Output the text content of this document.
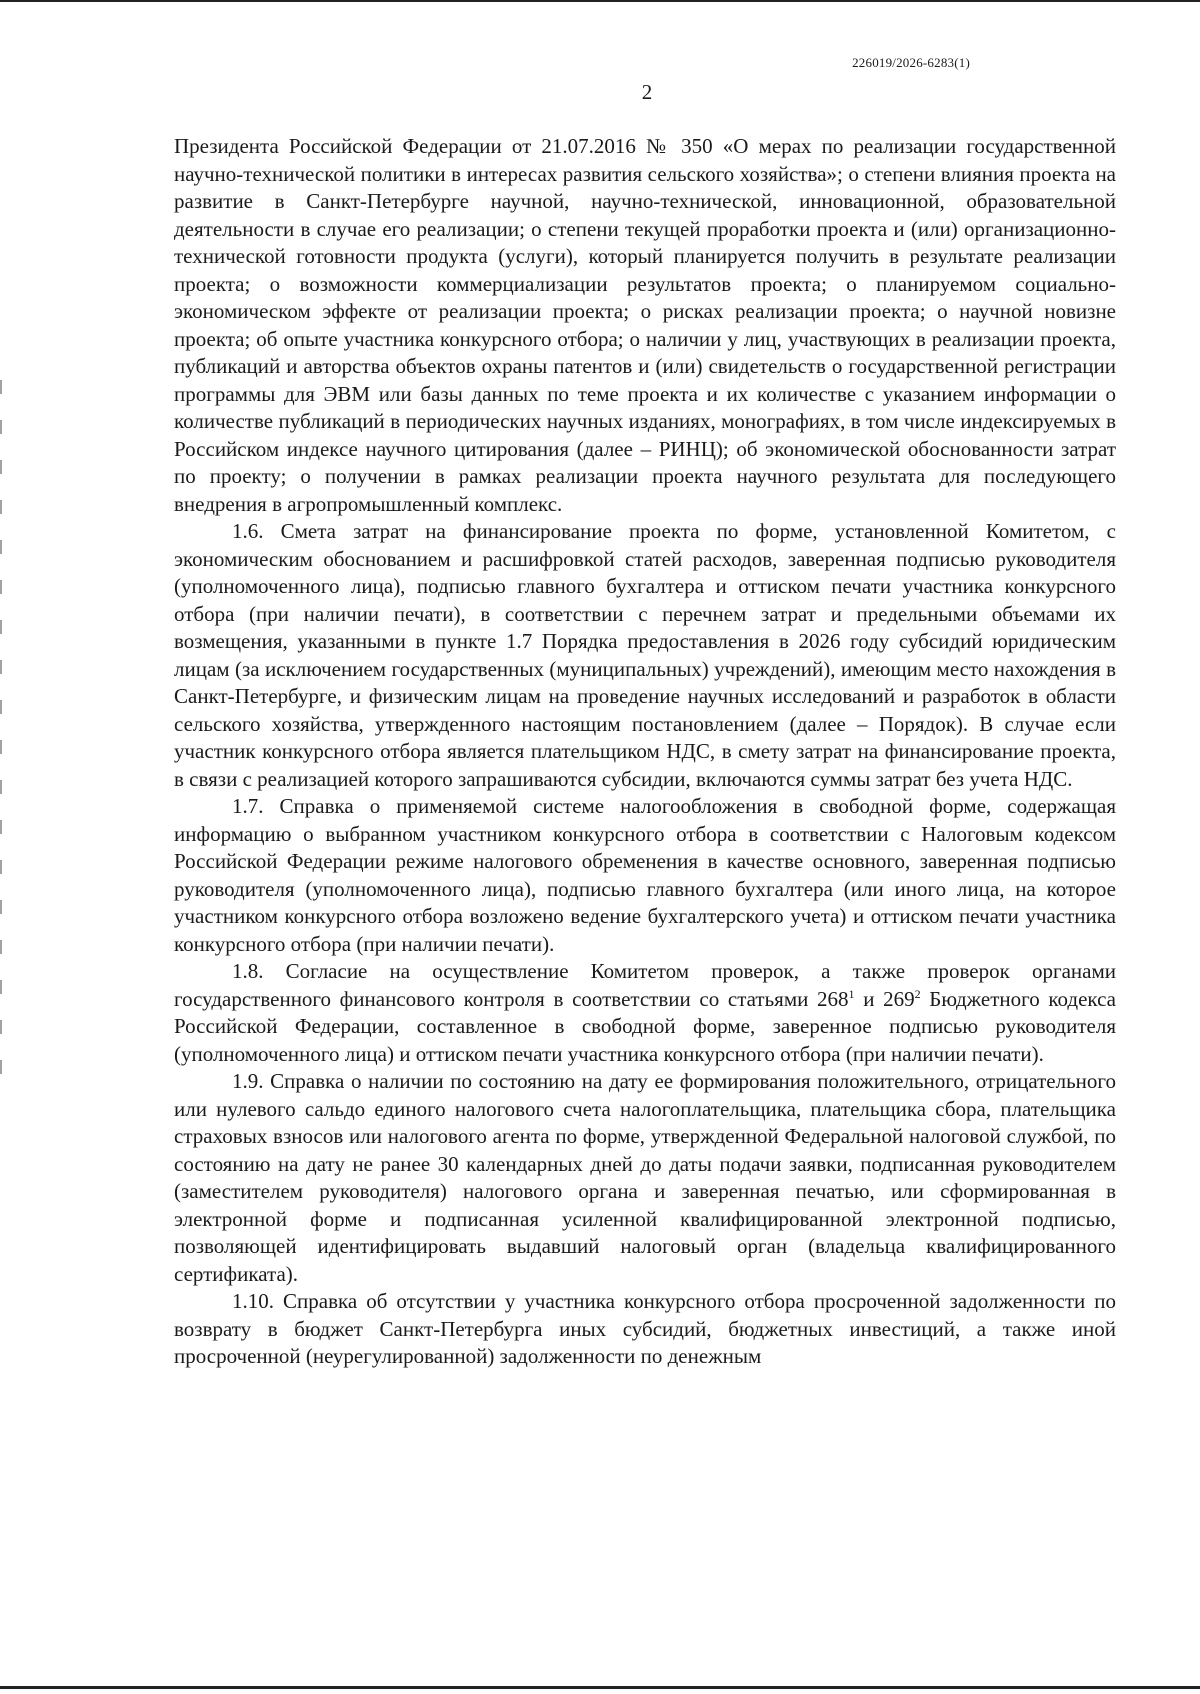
226019/2026-6283(1)
2

Президента Российской Федерации от 21.07.2016 № 350 «О мерах по реализации государственной научно-технической политики в интересах развития сельского хозяйства»; о степени влияния проекта на развитие в Санкт-Петербурге научной, научно-технической, инновационной, образовательной деятельности в случае его реализации; о степени текущей проработки проекта и (или) организационно-технической готовности продукта (услуги), который планируется получить в результате реализации проекта; о возможности коммерциализации результатов проекта; о планируемом социально-экономическом эффекте от реализации проекта; о рисках реализации проекта; о научной новизне проекта; об опыте участника конкурсного отбора; о наличии у лиц, участвующих в реализации проекта, публикаций и авторства объектов охраны патентов и (или) свидетельств о государственной регистрации программы для ЭВМ или базы данных по теме проекта и их количестве с указанием информации о количестве публикаций в периодических научных изданиях, монографиях, в том числе индексируемых в Российском индексе научного цитирования (далее – РИНЦ); об экономической обоснованности затрат по проекту; о получении в рамках реализации проекта научного результата для последующего внедрения в агропромышленный комплекс.

1.6. Смета затрат на финансирование проекта по форме, установленной Комитетом, с экономическим обоснованием и расшифровкой статей расходов, заверенная подписью руководителя (уполномоченного лица), подписью главного бухгалтера и оттиском печати участника конкурсного отбора (при наличии печати), в соответствии с перечнем затрат и предельными объемами их возмещения, указанными в пункте 1.7 Порядка предоставления в 2026 году субсидий юридическим лицам (за исключением государственных (муниципальных) учреждений), имеющим место нахождения в Санкт-Петербурге, и физическим лицам на проведение научных исследований и разработок в области сельского хозяйства, утвержденного настоящим постановлением (далее – Порядок). В случае если участник конкурсного отбора является плательщиком НДС, в смету затрат на финансирование проекта, в связи с реализацией которого запрашиваются субсидии, включаются суммы затрат без учета НДС.

1.7. Справка о применяемой системе налогообложения в свободной форме, содержащая информацию о выбранном участником конкурсного отбора в соответствии с Налоговым кодексом Российской Федерации режиме налогового обременения в качестве основного, заверенная подписью руководителя (уполномоченного лица), подписью главного бухгалтера (или иного лица, на которое участником конкурсного отбора возложено ведение бухгалтерского учета) и оттиском печати участника конкурсного отбора (при наличии печати).

1.8. Согласие на осуществление Комитетом проверок, а также проверок органами государственного финансового контроля в соответствии со статьями $268^1$ и $269^2$ Бюджетного кодекса Российской Федерации, составленное в свободной форме, заверенное подписью руководителя (уполномоченного лица) и оттиском печати участника конкурсного отбора (при наличии печати).

1.9. Справка о наличии по состоянию на дату ее формирования положительного, отрицательного или нулевого сальдо единого налогового счета налогоплательщика, плательщика сбора, плательщика страховых взносов или налогового агента по форме, утвержденной Федеральной налоговой службой, по состоянию на дату не ранее 30 календарных дней до даты подачи заявки, подписанная руководителем (заместителем руководителя) налогового органа и заверенная печатью, или сформированная в электронной форме и подписанная усиленной квалифицированной электронной подписью, позволяющей идентифицировать выдавший налоговый орган (владельца квалифицированного сертификата).

1.10. Справка об отсутствии у участника конкурсного отбора просроченной задолженности по возврату в бюджет Санкт-Петербурга иных субсидий, бюджетных инвестиций, а также иной просроченной (неурегулированной) задолженности по денежным
